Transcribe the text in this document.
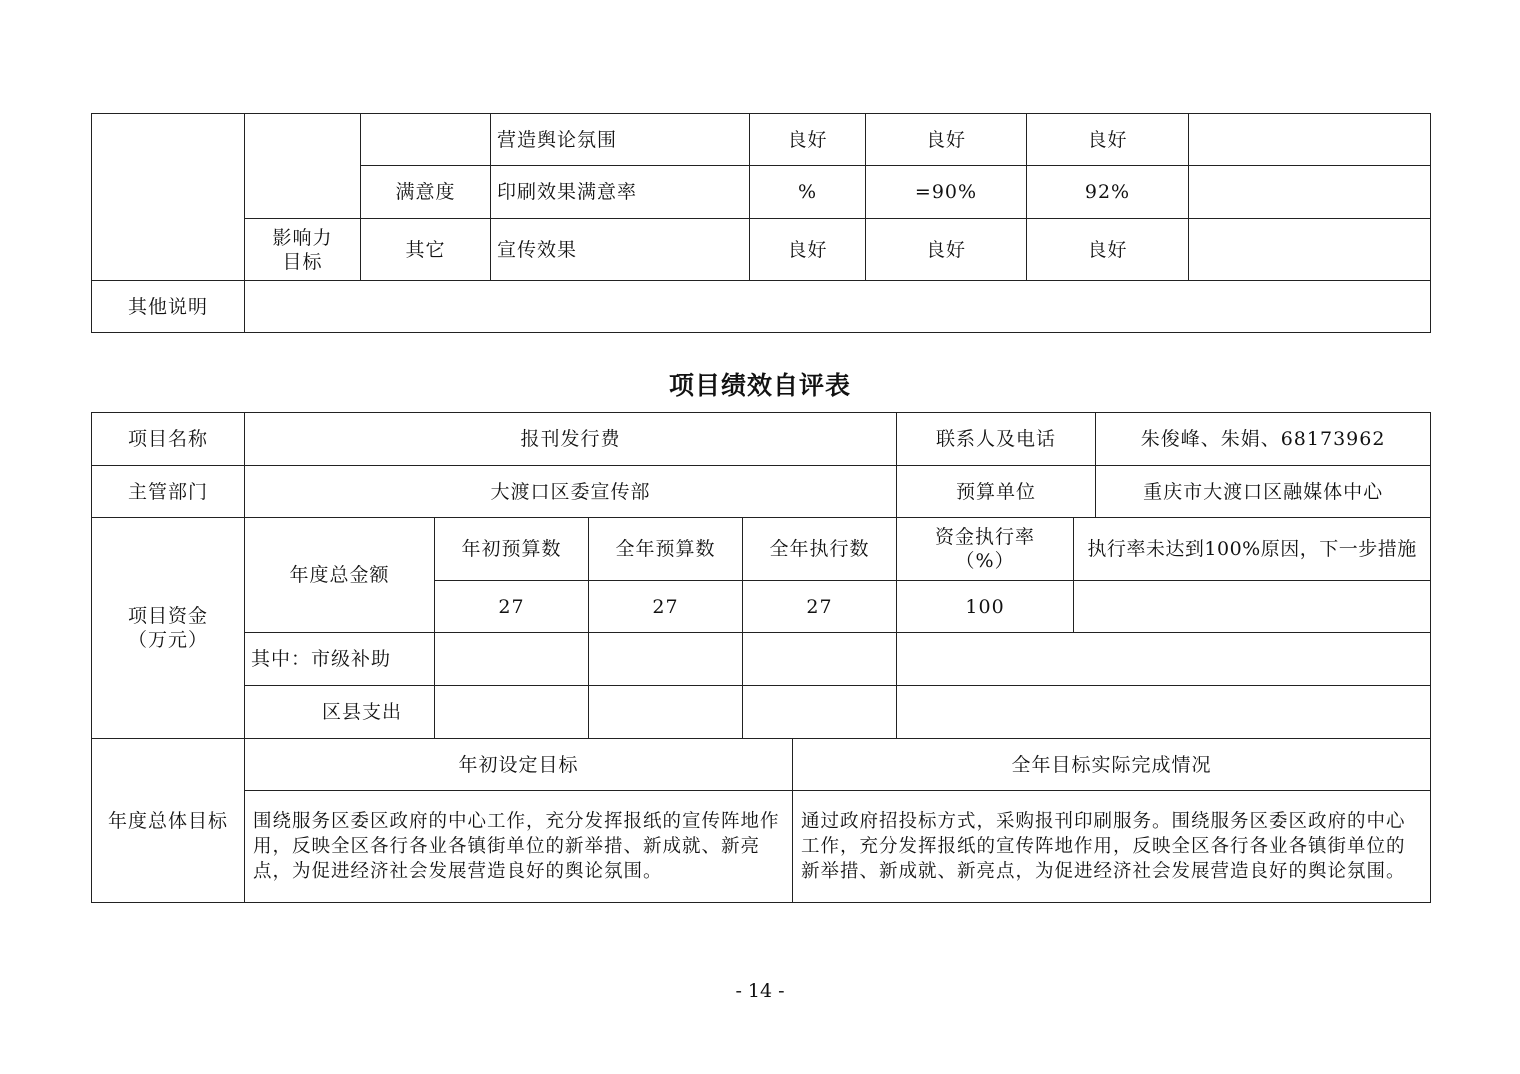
			营造舆论氛围	良好	良好	良好	
		满意度	印刷效果满意率	%	=90%	92%	
	影响力目标	其它	宣传效果	良好	良好	良好	
其他说明							
项目绩效自评表
项目名称	报刊发行费					联系人及电话		朱俊峰、朱娟、68173962
主管部门	大渡口区委宣传部					预算单位		重庆市大渡口区融媒体中心
项目资金（万元）	年度总金额	年初预算数	全年预算数	全年执行数		资金执行率（%）	执行率未达到100%原因，下一步措施	
		27	27	27		100		
	其中：市级补助							
	区县支出							
年度总体目标	年初设定目标				全年目标实际完成情况			
	围绕服务区委区政府的中心工作，充分发挥报纸的宣传阵地作用，反映全区各行各业各镇街单位的新举措、新成就、新亮点，为促进经济社会发展营造良好的舆论氛围。				通过政府招投标方式，采购报刊印刷服务。围绕服务区委区政府的中心工作，充分发挥报纸的宣传阵地作用，反映全区各行各业各镇街单位的新举措、新成就、新亮点，为促进经济社会发展营造良好的舆论氛围。			
- 14 -
